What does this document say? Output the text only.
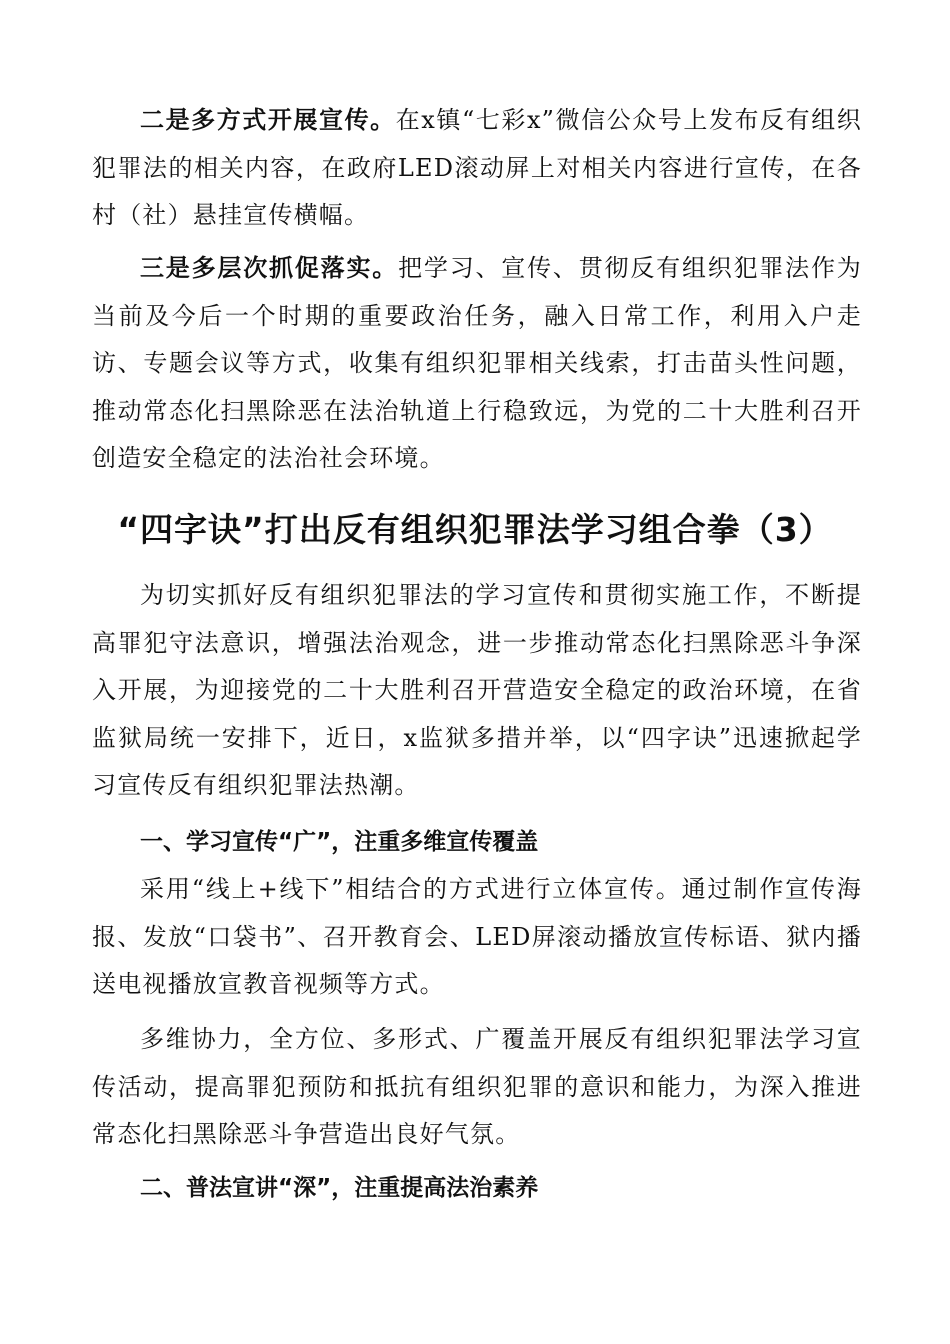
二是多方式开展宣传。在x镇“七彩x”微信公众号上发布反有组织犯罪法的相关内容，在政府LED滚动屏上对相关内容进行宣传，在各村（社）悬挂宣传横幅。

三是多层次抓促落实。把学习、宣传、贯彻反有组织犯罪法作为当前及今后一个时期的重要政治任务，融入日常工作，利用入户走访、专题会议等方式，收集有组织犯罪相关线索，打击苗头性问题，推动常态化扫黑除恶在法治轨道上行稳致远，为党的二十大胜利召开创造安全稳定的法治社会环境。

“四字诀”打出反有组织犯罪法学习组合拳（3）

为切实抓好反有组织犯罪法的学习宣传和贯彻实施工作，不断提高罪犯守法意识，增强法治观念，进一步推动常态化扫黑除恶斗争深入开展，为迎接党的二十大胜利召开营造安全稳定的政治环境，在省监狱局统一安排下，近日，x监狱多措并举，以“四字诀”迅速掀起学习宣传反有组织犯罪法热潮。

一、学习宣传“广”，注重多维宣传覆盖

采用“线上+线下”相结合的方式进行立体宣传。通过制作宣传海报、发放“口袋书”、召开教育会、LED屏滚动播放宣传标语、狱内播送电视播放宣教音视频等方式。

多维协力，全方位、多形式、广覆盖开展反有组织犯罪法学习宣传活动，提高罪犯预防和抵抗有组织犯罪的意识和能力，为深入推进常态化扫黑除恶斗争营造出良好气氛。

二、普法宣讲“深”，注重提高法治素养
